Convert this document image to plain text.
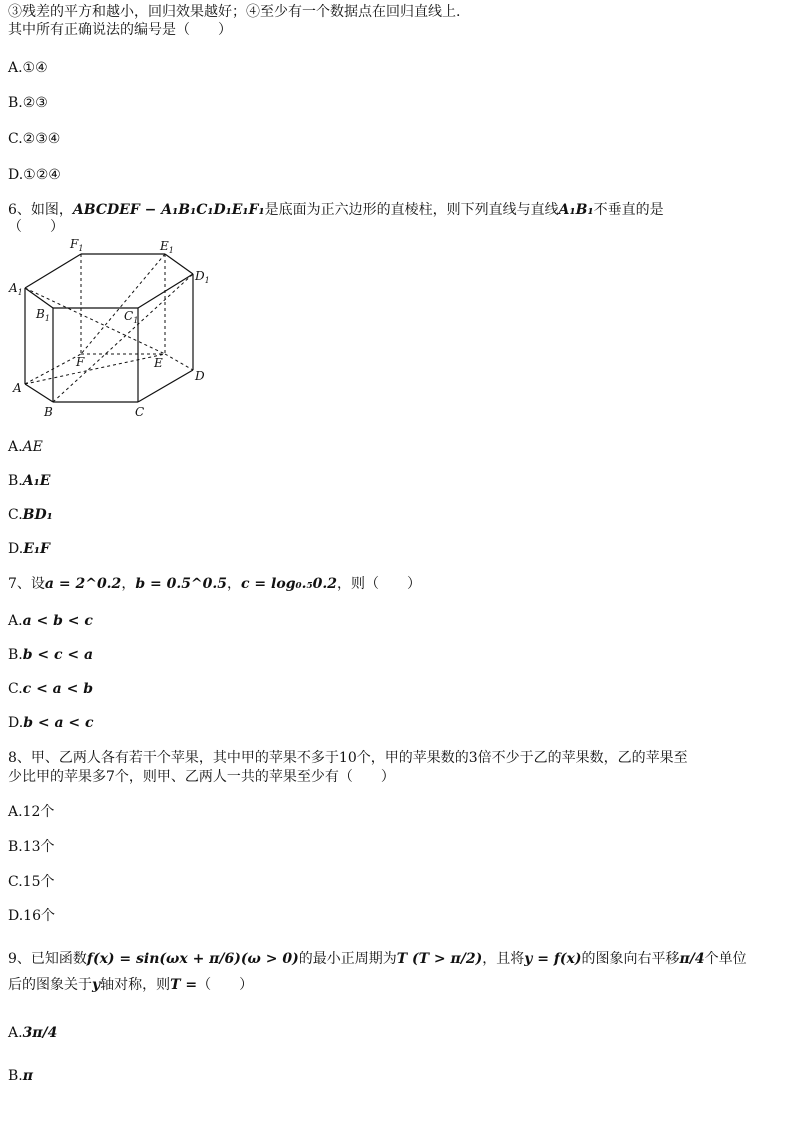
③残差的平方和越小，回归效果越好；④至少有一个数据点在回归直线上.
其中所有正确说法的编号是（　　）
A.①④
B.②③
C.②③④
D.①②④
6、如图，ABCDEF − A₁B₁C₁D₁E₁F₁是底面为正六边形的直棱柱，则下列直线与直线A₁B₁不垂直的是
（　　）
$F_1$	$E_1$
$D_1$
$A_1$
$B_1$	$C_1$
F	E
D
A
B	C
A.AE
B.A₁E
C.BD₁
D.E₁F
7、设a = 2^0.2，b = 0.5^0.5，c = log₀.₅0.2，则（　　）
A.a < b < c
B.b < c < a
C.c < a < b
D.b < a < c
8、甲、乙两人各有若干个苹果，其中甲的苹果不多于10个，甲的苹果数的3倍不少于乙的苹果数，乙的苹果至
少比甲的苹果多7个，则甲、乙两人一共的苹果至少有（　　）
A.12个
B.13个
C.15个
D.16个
9、已知函数f(x) = sin(ωx + π/6)(ω > 0)的最小正周期为T (T > π/2)，且将y = f(x)的图象向右平移π/4个单位
后的图象关于y轴对称，则T =（　　）
A.3π/4
B.π
